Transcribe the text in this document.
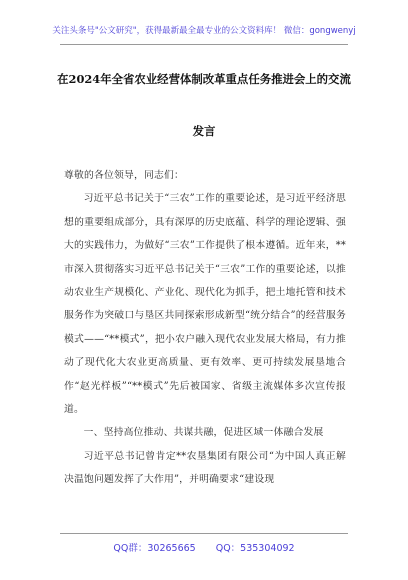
关注头条号"公文研究"，获得最新最全最专业的公文资料库！ 微信：gongwenyj
在2024年全省农业经营体制改革重点任务推进会上的交流
发言

尊敬的各位领导，同志们：

习近平总书记关于“三农”工作的重要论述，是习近平经济思想的重要组成部分，具有深厚的历史底蕴、科学的理论逻辑、强大的实践伟力，为做好“三农”工作提供了根本遵循。近年来，**市深入贯彻落实习近平总书记关于“三农”工作的重要论述，以推动农业生产规模化、产业化、现代化为抓手，把土地托管和技术服务作为突破口与垦区共同探索形成新型“统分结合”的经营服务模式——“**模式”，把小农户融入现代农业发展大格局，有力推动了现代化大农业更高质量、更有效率、更可持续发展垦地合作“赵光样板”“**模式”先后被国家、省级主流媒体多次宣传报道。

一、坚持高位推动、共谋共融，促进区域一体融合发展

习近平总书记曾肯定**农垦集团有限公司“为中国人真正解决温饱问题发挥了大作用”，并明确要求“建设现

QQ群：30265665 QQ：535304092
